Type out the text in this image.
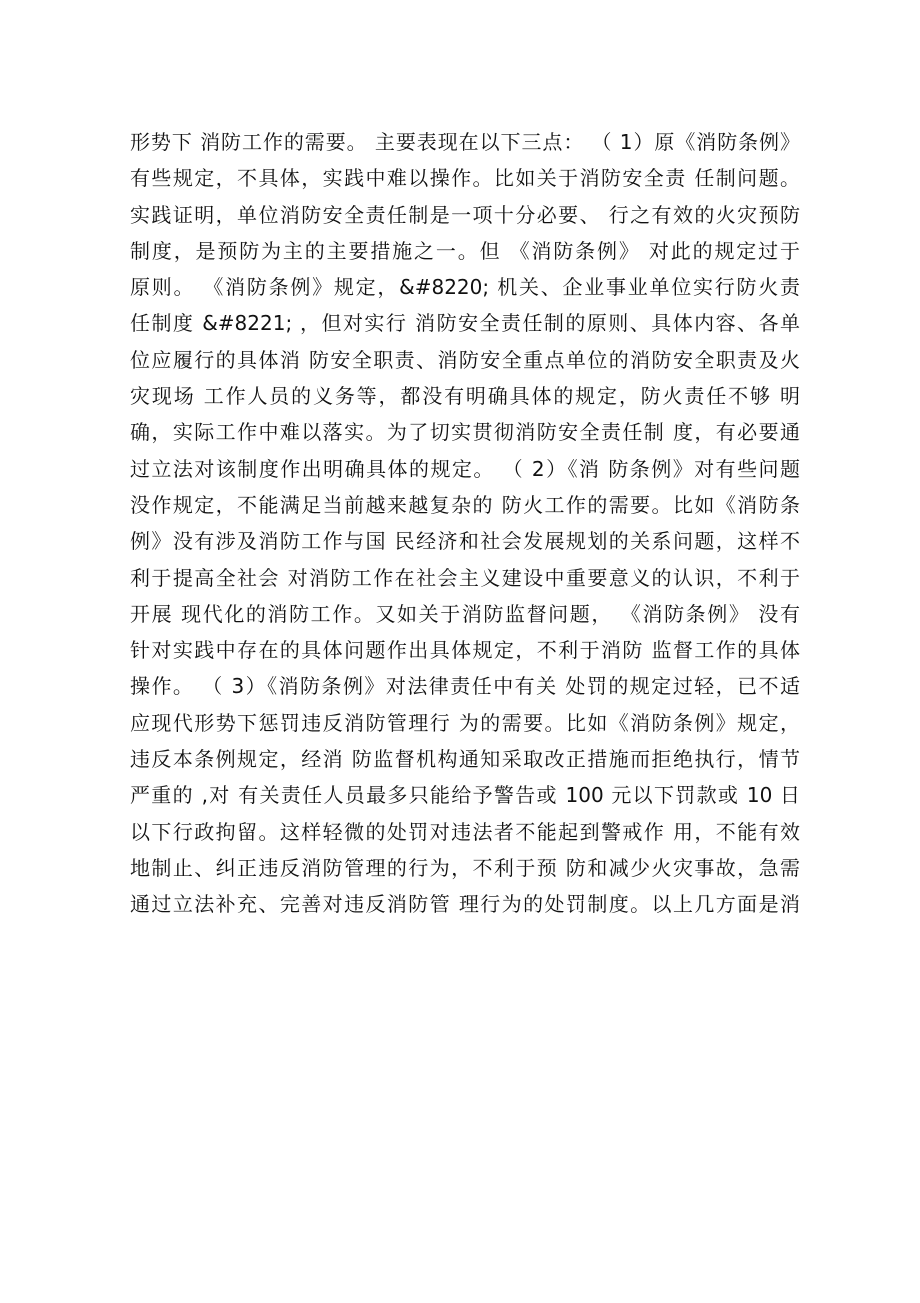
形势下 消防工作的需要。 主要表现在以下三点： （ 1）原《消防条例》
有些规定，不具体，实践中难以操作。比如关于消防安全责 任制问题。
实践证明，单位消防安全责任制是一项十分必要、 行之有效的火灾预防
制度，是预防为主的主要措施之一。但 《消防条例》 对此的规定过于
原则。 《消防条例》规定，&#8220; 机关、企业事业单位实行防火责
任制度 &#8221; ，但对实行 消防安全责任制的原则、具体内容、各单
位应履行的具体消 防安全职责、消防安全重点单位的消防安全职责及火
灾现场 工作人员的义务等，都没有明确具体的规定，防火责任不够 明
确，实际工作中难以落实。为了切实贯彻消防安全责任制 度，有必要通
过立法对该制度作出明确具体的规定。 （ 2）《消 防条例》对有些问题
没作规定，不能满足当前越来越复杂的 防火工作的需要。比如《消防条
例》没有涉及消防工作与国 民经济和社会发展规划的关系问题，这样不
利于提高全社会 对消防工作在社会主义建设中重要意义的认识，不利于
开展 现代化的消防工作。又如关于消防监督问题， 《消防条例》 没有
针对实践中存在的具体问题作出具体规定，不利于消防 监督工作的具体
操作。 （ 3）《消防条例》对法律责任中有关 处罚的规定过轻，已不适
应现代形势下惩罚违反消防管理行 为的需要。比如《消防条例》规定，
违反本条例规定，经消 防监督机构通知采取改正措施而拒绝执行，情节
严重的 ,对 有关责任人员最多只能给予警告或 100 元以下罚款或 10 日
以下行政拘留。这样轻微的处罚对违法者不能起到警戒作 用，不能有效
地制止、纠正违反消防管理的行为，不利于预 防和减少火灾事故，急需
通过立法补充、完善对违反消防管 理行为的处罚制度。以上几方面是消
